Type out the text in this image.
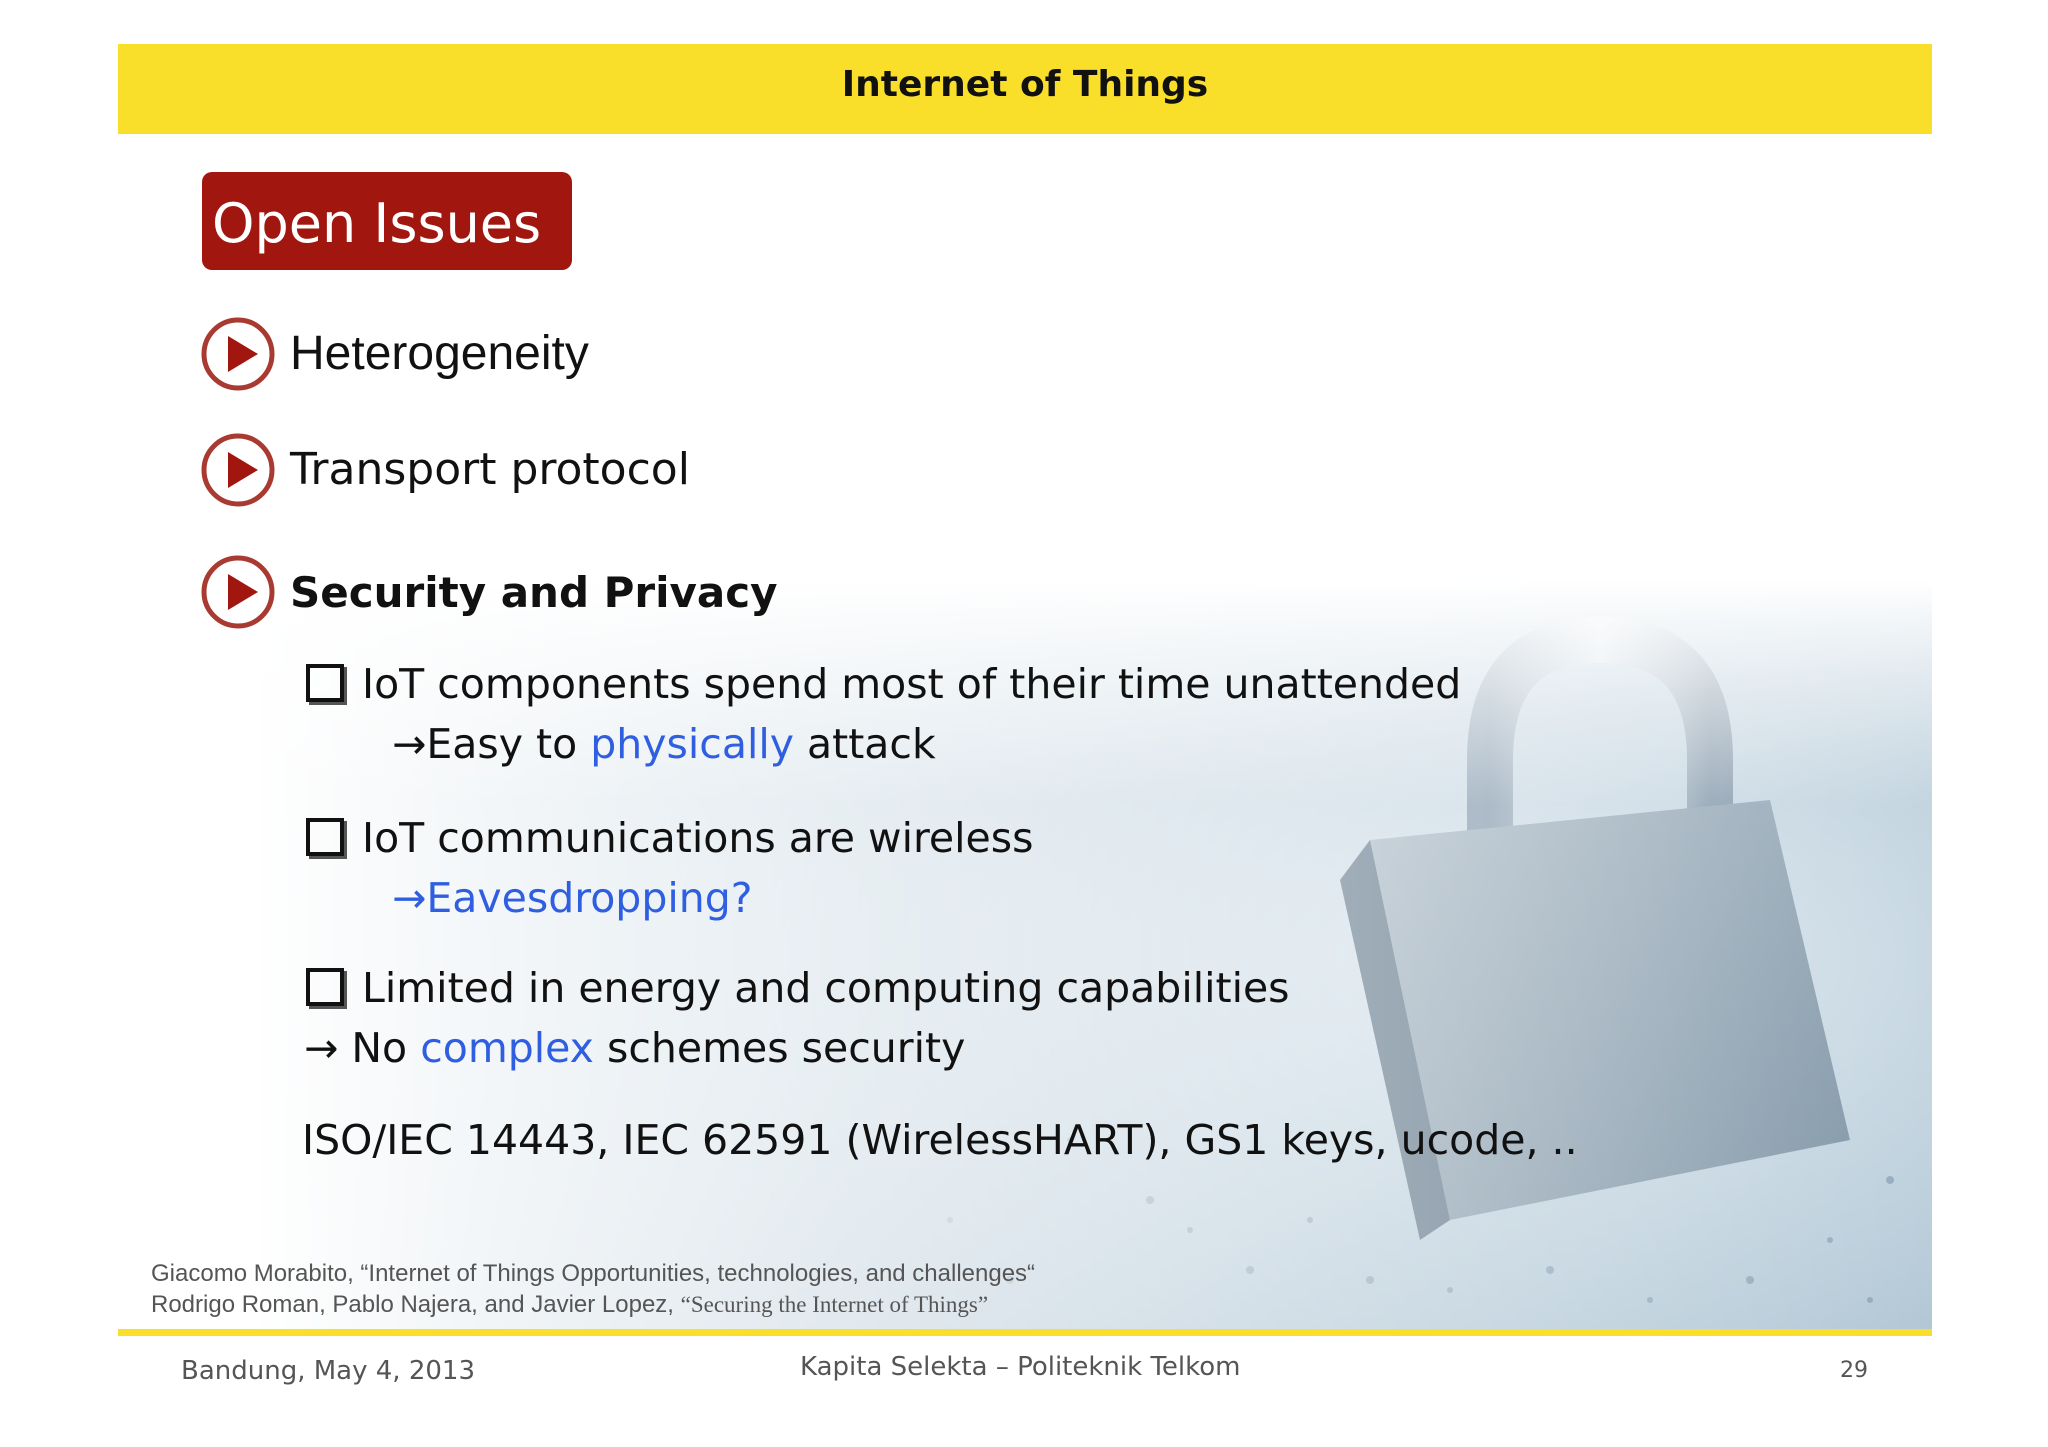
Internet of Things
Open Issues
Heterogeneity
Transport protocol
Security and Privacy
IoT components spend most of their time unattended
→Easy to physically attack
IoT communications are wireless
→Eavesdropping?
Limited in energy and computing capabilities
→ No complex schemes security
ISO/IEC 14443, IEC 62591 (WirelessHART), GS1 keys, ucode, ..
Giacomo Morabito, “Internet of Things Opportunities, technologies, and challenges“
Rodrigo Roman, Pablo Najera, and Javier Lopez, “Securing the Internet of Things”
Bandung, May 4, 2013	Kapita Selekta – Politeknik Telkom	29
